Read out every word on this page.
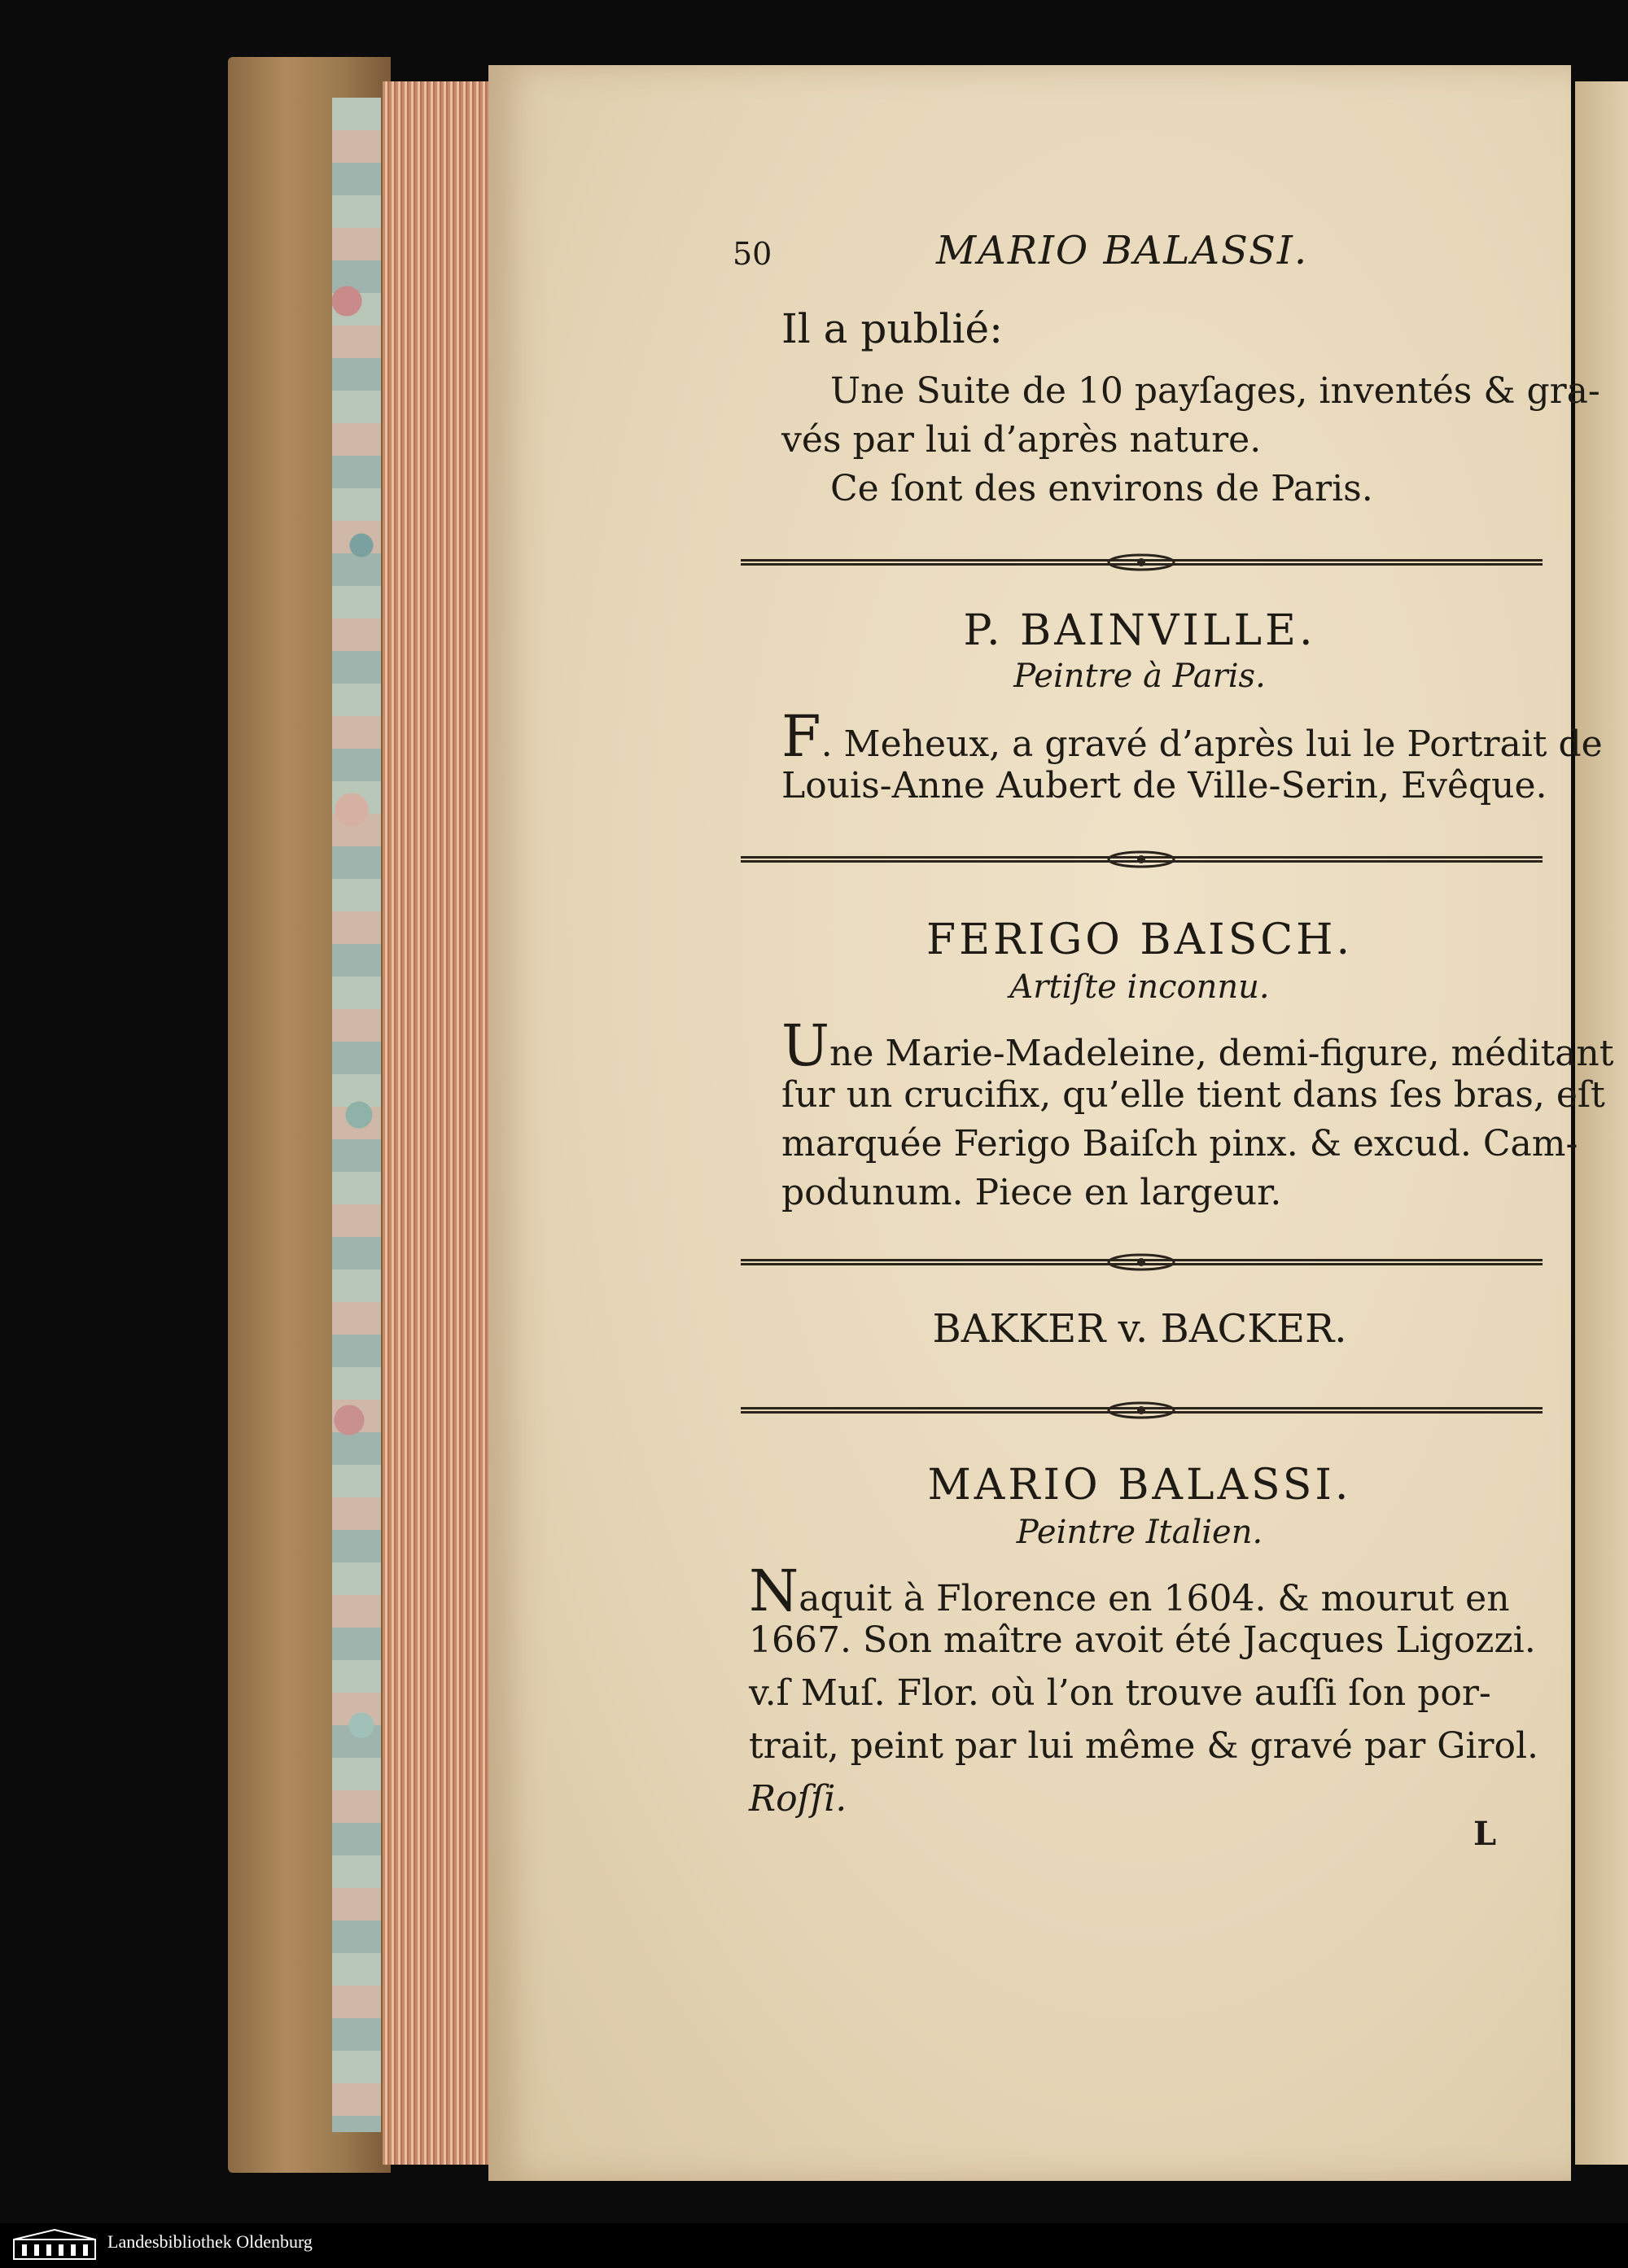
50	MARIO BALASSI.
Il a publié:
Une Suite de 10 payſages, inventés & gra-
vés par lui d’après nature.
Ce ſont des environs de Paris.
P. BAINVILLE.
Peintre à Paris.
F. Meheux, a gravé d’après lui le Portrait de
Louis-Anne Aubert de Ville-Serin, Evêque.
FERIGO BAISCH.
Artiſte inconnu.
Une Marie-Madeleine, demi-figure, méditant
ſur un crucifix, qu’elle tient dans ſes bras, eſt
marquée Ferigo Baiſch pinx. & excud. Cam-
podunum. Piece en largeur.
BAKKER v. BACKER.
MARIO BALASSI.
Peintre Italien.
Naquit à Florence en 1604. & mourut en
1667. Son maître avoit été Jacques Ligozzi.
v.ſ Muſ. Flor. où l’on trouve auſſi ſon por-
trait, peint par lui même & gravé par Girol.
Roſſi.
L
Landesbibliothek Oldenburg
